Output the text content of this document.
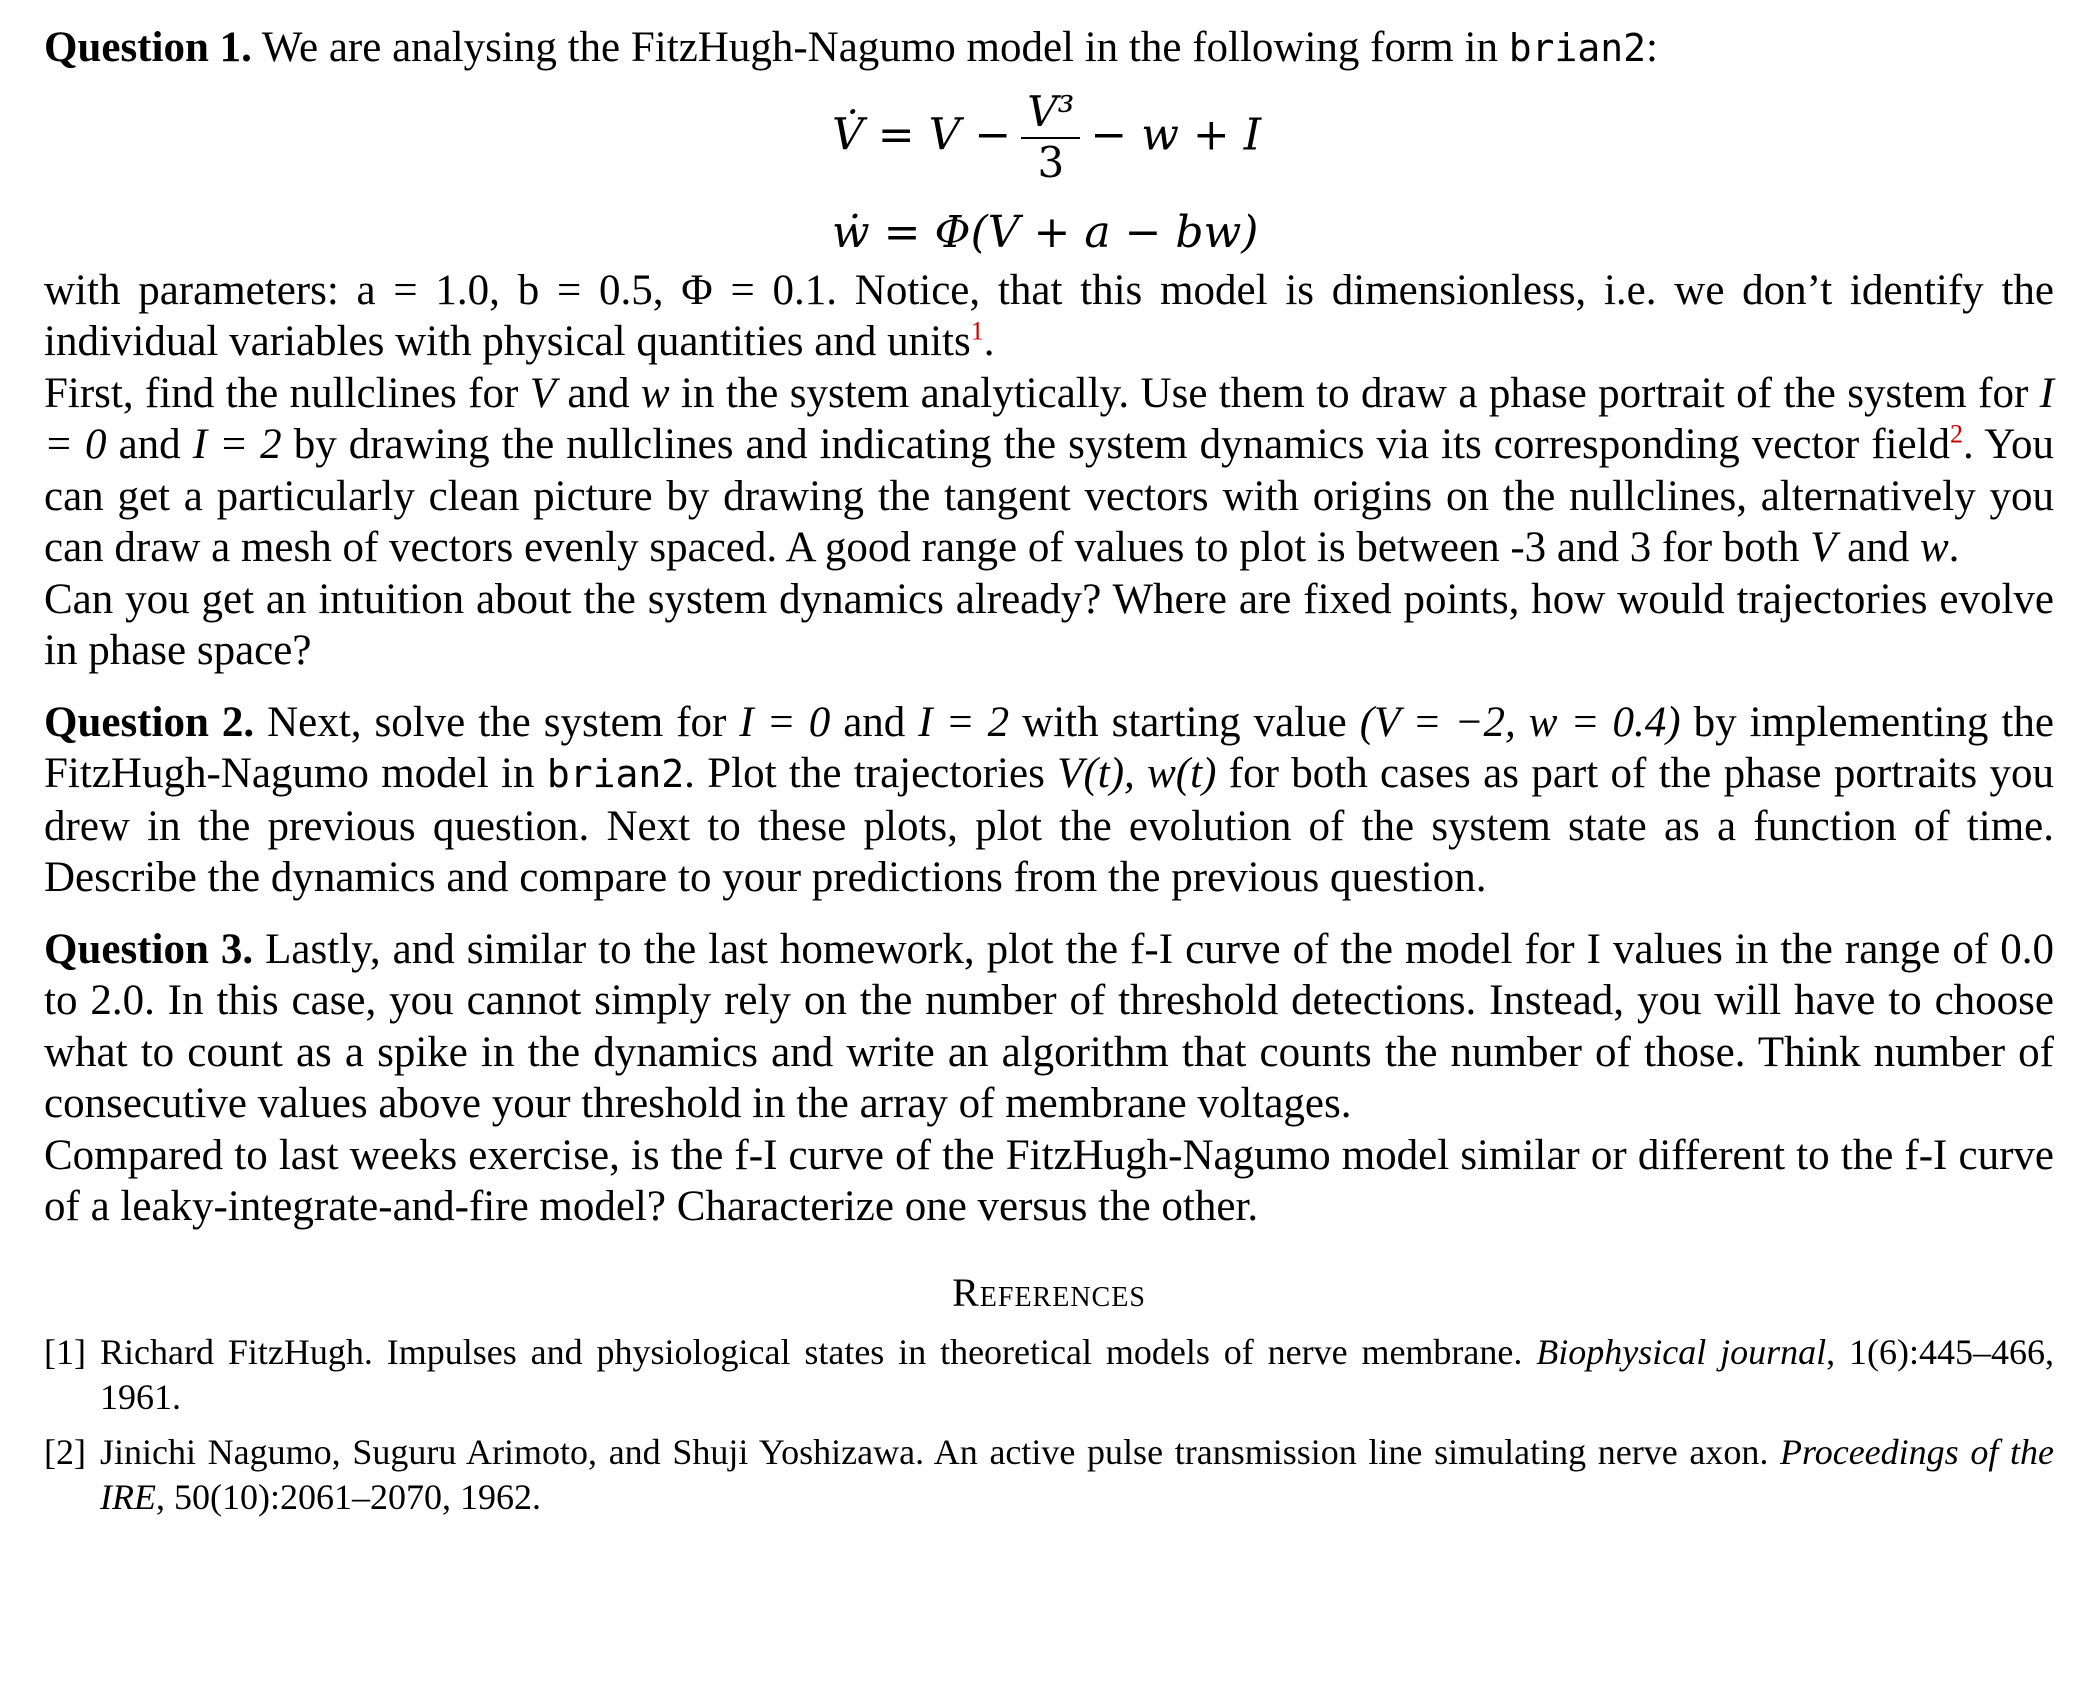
Question 1. We are analysing the FitzHugh-Nagumo model in the following form in brian2:

V̇ = $V - \frac{\text{V³}}{3} - w + I$
ẇ = Φ(V + a − bw)

with parameters: a = 1.0, b = 0.5, Φ = 0.1. Notice, that this model is dimensionless, i.e. we don’t identify the individual variables with physical quantities and units$^1$.

First, find the nullclines for V and w in the system analytically. Use them to draw a phase portrait of the system for I = 0 and I = 2 by drawing the nullclines and indicating the system dynamics via its corresponding vector field$^2$. You can get a particularly clean picture by drawing the tangent vectors with origins on the nullclines, alternatively you can draw a mesh of vectors evenly spaced. A good range of values to plot is between -3 and 3 for both V and w.

Can you get an intuition about the system dynamics already? Where are fixed points, how would trajectories evolve in phase space?

Question 2. Next, solve the system for I = 0 and I = 2 with starting value (V = −2, w = 0.4) by implementing the FitzHugh-Nagumo model in brian2. Plot the trajectories V(t), w(t) for both cases as part of the phase portraits you drew in the previous question. Next to these plots, plot the evolution of the system state as a function of time. Describe the dynamics and compare to your predictions from the previous question.

Question 3. Lastly, and similar to the last homework, plot the f-I curve of the model for I values in the range of 0.0 to 2.0. In this case, you cannot simply rely on the number of threshold detections. Instead, you will have to choose what to count as a spike in the dynamics and write an algorithm that counts the number of those. Think number of consecutive values above your threshold in the array of membrane voltages.

Compared to last weeks exercise, is the f-I curve of the FitzHugh-Nagumo model similar or different to the f-I curve of a leaky-integrate-and-fire model? Characterize one versus the other.

References

[1] Richard FitzHugh. Impulses and physiological states in theoretical models of nerve membrane. Biophysical journal, 1(6):445–466, 1961.
[2] Jinichi Nagumo, Suguru Arimoto, and Shuji Yoshizawa. An active pulse transmission line simulating nerve axon. Proceedings of the IRE, 50(10):2061–2070, 1962.
